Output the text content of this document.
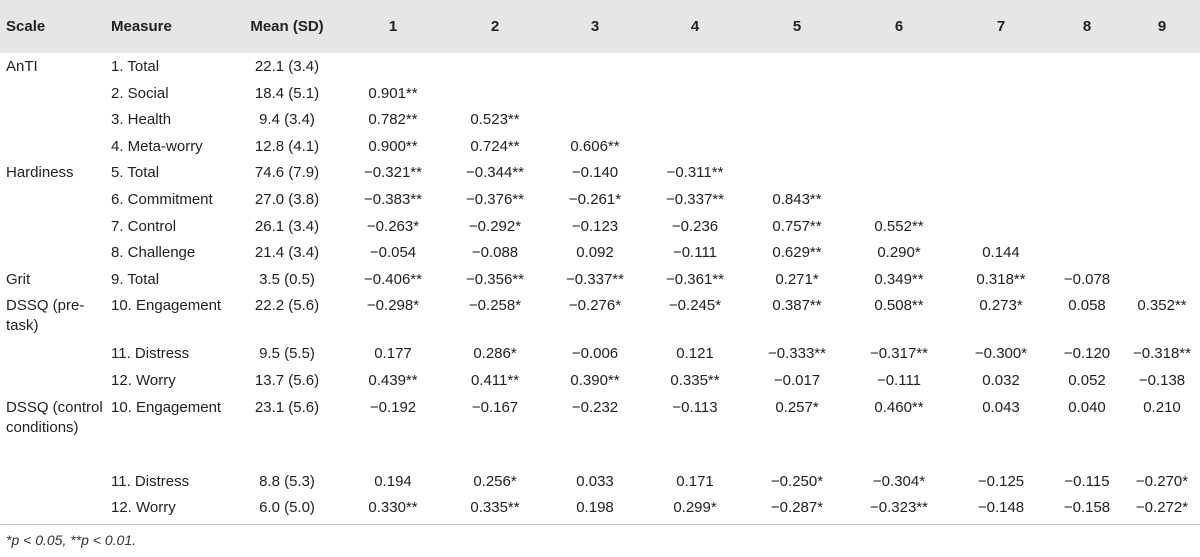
Scale	Measure	Mean (SD)	1	2	3	4	5	6	7	8	9
AnTI	1. Total	22.1 (3.4)									
	2. Social	18.4 (5.1)	0.901**								
	3. Health	9.4 (3.4)	0.782**	0.523**							
	4. Meta-worry	12.8 (4.1)	0.900**	0.724**	0.606**						
Hardiness	5. Total	74.6 (7.9)	−0.321**	−0.344**	−0.140	−0.311**					
	6. Commitment	27.0 (3.8)	−0.383**	−0.376**	−0.261*	−0.337**	0.843**				
	7. Control	26.1 (3.4)	−0.263*	−0.292*	−0.123	−0.236	0.757**	0.552**			
	8. Challenge	21.4 (3.4)	−0.054	−0.088	0.092	−0.111	0.629**	0.290*	0.144		
Grit	9. Total	3.5 (0.5)	−0.406**	−0.356**	−0.337**	−0.361**	0.271*	0.349**	0.318**	−0.078	
DSSQ (pre-task)	10. Engagement	22.2 (5.6)	−0.298*	−0.258*	−0.276*	−0.245*	0.387**	0.508**	0.273*	0.058	0.352**
	11. Distress	9.5 (5.5)	0.177	0.286*	−0.006	0.121	−0.333**	−0.317**	−0.300*	−0.120	−0.318**
	12. Worry	13.7 (5.6)	0.439**	0.411**	0.390**	0.335**	−0.017	−0.111	0.032	0.052	−0.138
DSSQ (control conditions)	10. Engagement	23.1 (5.6)	−0.192	−0.167	−0.232	−0.113	0.257*	0.460**	0.043	0.040	0.210
	11. Distress	8.8 (5.3)	0.194	0.256*	0.033	0.171	−0.250*	−0.304*	−0.125	−0.115	−0.270*
	12. Worry	6.0 (5.0)	0.330**	0.335**	0.198	0.299*	−0.287*	−0.323**	−0.148	−0.158	−0.272*
*p < 0.05, **p < 0.01.
